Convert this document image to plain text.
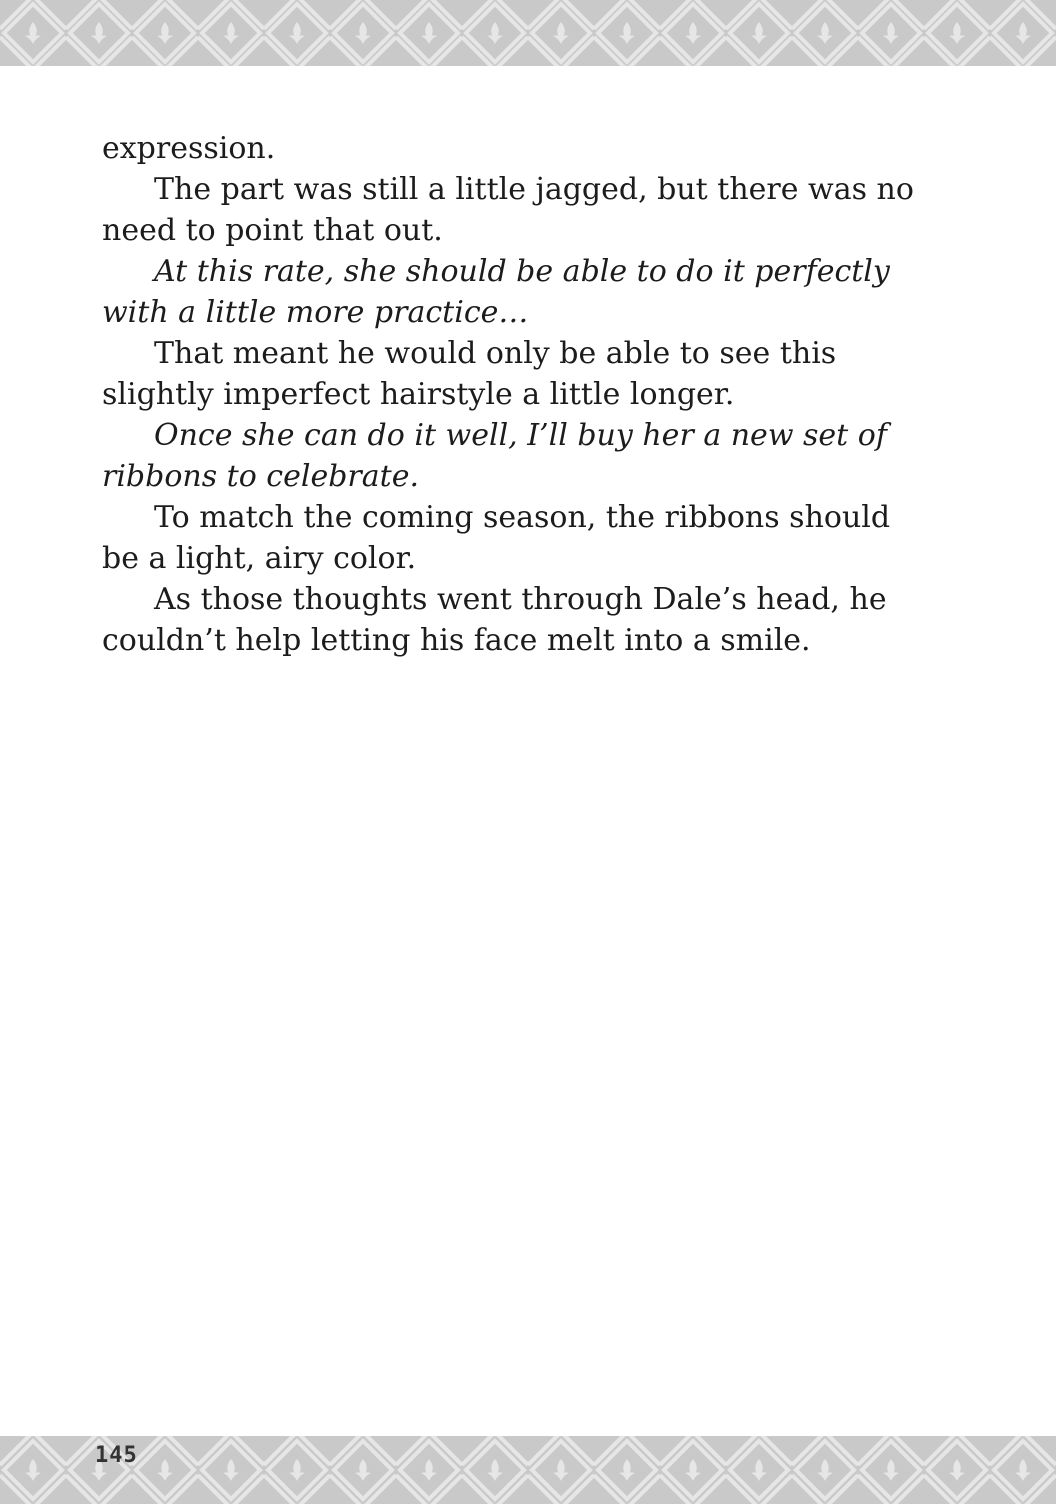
expression.

The part was still a little jagged, but there was no need to point that out.

At this rate, she should be able to do it perfectly with a little more practice…

That meant he would only be able to see this slightly imperfect hairstyle a little longer.

Once she can do it well, I’ll buy her a new set of ribbons to celebrate.

To match the coming season, the ribbons should be a light, airy color.

As those thoughts went through Dale’s head, he couldn’t help letting his face melt into a smile.

145
